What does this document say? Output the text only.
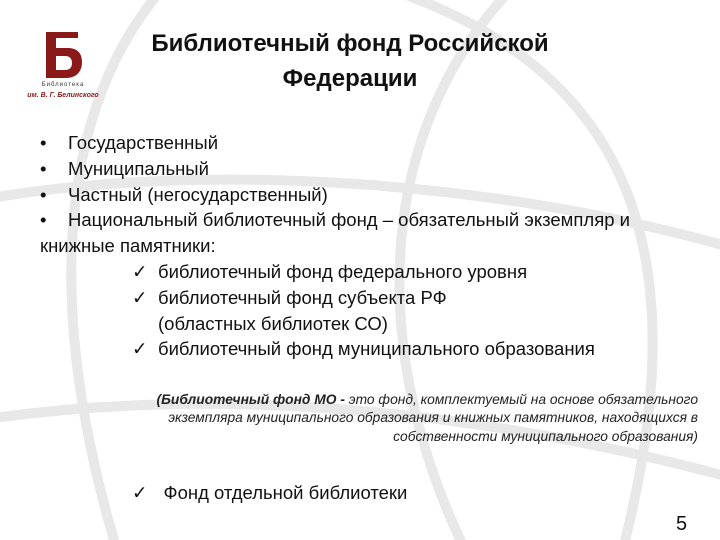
Библиотека
им. В. Г. Белинского
Библиотечный фонд Российской
Федерации
• Государственный
• Муниципальный
• Частный (негосударственный)
•	Национальный библиотечный фонд – обязательный экземпляр и книжные памятники:
✓ библиотечный фонд федерального уровня
✓ библиотечный фонд субъекта РФ (областных библиотек СО)
✓ библиотечный фонд муниципального образования
(Библиотечный фонд МО - это фонд, комплектуемый на основе обязательного экземпляра муниципального образования и книжных памятников, находящихся в собственности муниципального образования)
✓ Фонд отдельной библиотеки
5
